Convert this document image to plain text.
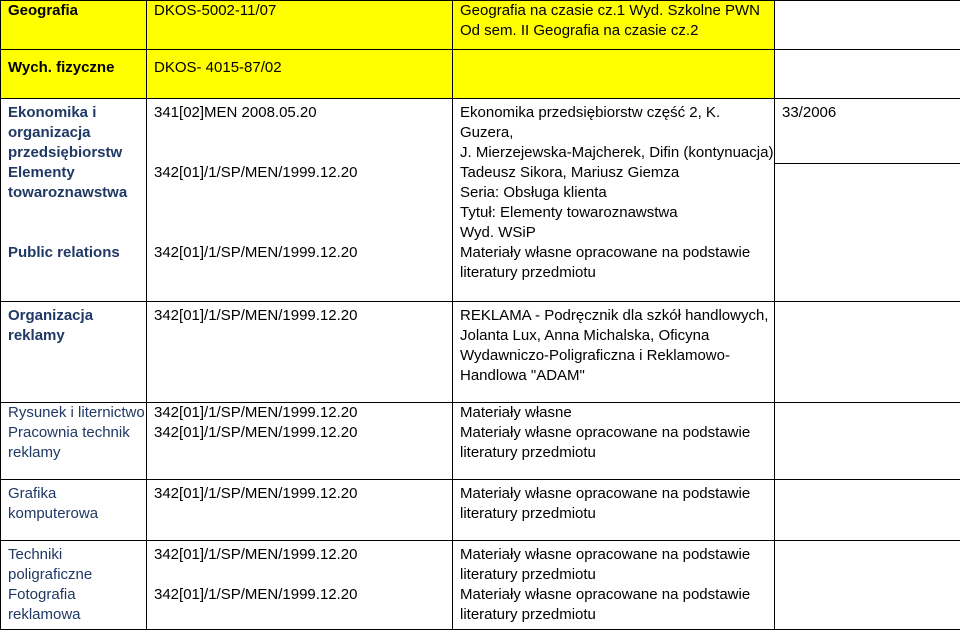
Geografia	DKOS-5002-11/07	Geografia na czasie cz.1 Wyd. Szkolne PWN
Od sem. II Geografia na czasie cz.2	

Wych. fizyczne	DKOS- 4015-87/02		
Ekonomika i organizacja przedsiębiorstw	341[02]MEN 2008.05.20	Ekonomika przedsiębiorstw część 2, K. Guzera,
J. Mierzejewska-Majcherek, Difin (kontynuacja)	33/2006
Elementy towaroznawstwa	342[01]/1/SP/MEN/1999.12.20	Tadeusz Sikora, Mariusz Giemza
Seria: Obsługa klienta
Tytuł: Elementy towaroznawstwa
Wyd. WSiP	

Public relations	342[01]/1/SP/MEN/1999.12.20	Materiały własne opracowane na podstawie
literatury przedmiotu	

Organizacja reklamy	342[01]/1/SP/MEN/1999.12.20	REKLAMA - Podręcznik dla szkół handlowych,
Jolanta Lux, Anna Michalska, Oficyna
Wydawniczo-Poligraficzna i Reklamowo-
Handlowa "ADAM"	

Rysunek i liternictwo	342[01]/1/SP/MEN/1999.12.20	Materiały własne	

Pracownia technik reklamy	342[01]/1/SP/MEN/1999.12.20	Materiały własne opracowane na podstawie
literatury przedmiotu	

Grafika komputerowa	342[01]/1/SP/MEN/1999.12.20	Materiały własne opracowane na podstawie
literatury przedmiotu	

Techniki poligraficzne	342[01]/1/SP/MEN/1999.12.20	Materiały własne opracowane na podstawie
literatury przedmiotu	

Fotografia reklamowa	342[01]/1/SP/MEN/1999.12.20	Materiały własne opracowane na podstawie
literatury przedmiotu	
